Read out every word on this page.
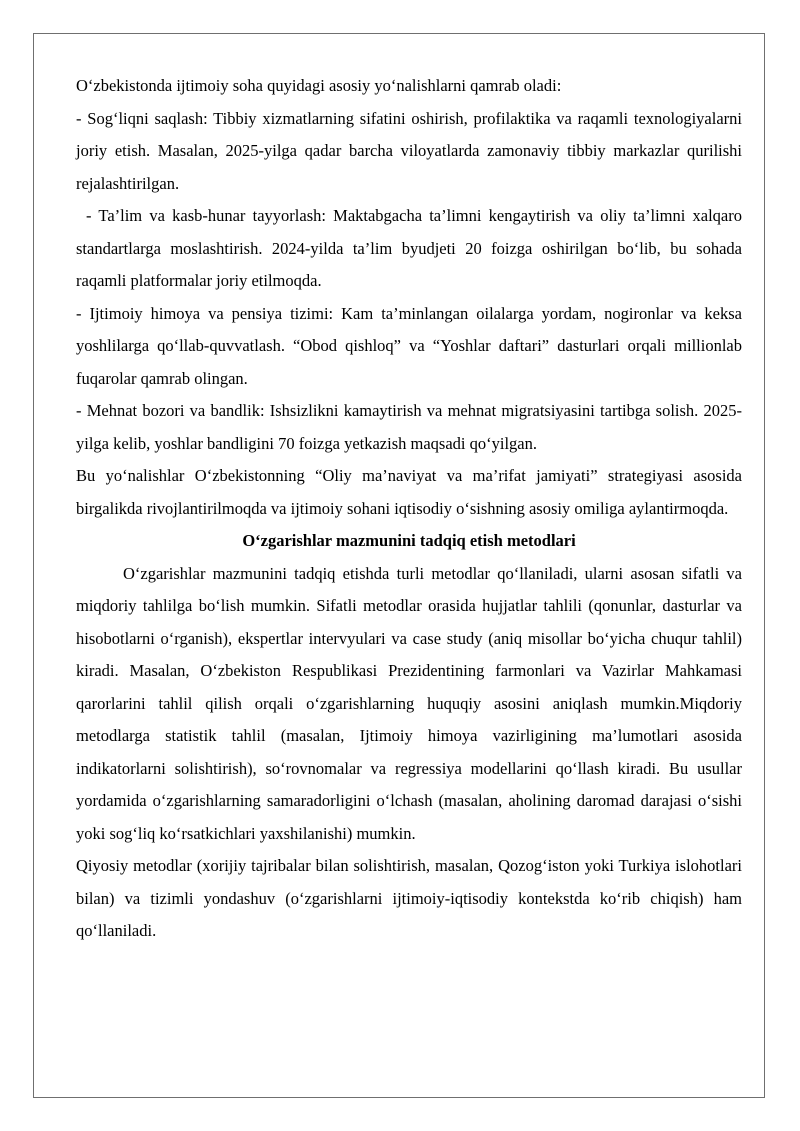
O‘zbekistonda ijtimoiy soha quyidagi asosiy yo‘nalishlarni qamrab oladi:

- Sog‘liqni saqlash: Tibbiy xizmatlarning sifatini oshirish, profilaktika va raqamli texnologiyalarni joriy etish. Masalan, 2025-yilga qadar barcha viloyatlarda zamonaviy tibbiy markazlar qurilishi rejalashtirilgan.

- Ta’lim va kasb-hunar tayyorlash: Maktabgacha ta’limni kengaytirish va oliy ta’limni xalqaro standartlarga moslashtirish. 2024-yilda ta’lim byudjeti 20 foizga oshirilgan bo‘lib, bu sohada raqamli platformalar joriy etilmoqda.

- Ijtimoiy himoya va pensiya tizimi: Kam ta’minlangan oilalarga yordam, nogironlar va keksa yoshlilarga qo‘llab-quvvatlash. “Obod qishloq” va “Yoshlar daftari” dasturlari orqali millionlab fuqarolar qamrab olingan.

- Mehnat bozori va bandlik: Ishsizlikni kamaytirish va mehnat migratsiyasini tartibga solish. 2025-yilga kelib, yoshlar bandligini 70 foizga yetkazish maqsadi qo‘yilgan.

Bu yo‘nalishlar O‘zbekistonning “Oliy ma’naviyat va ma’rifat jamiyati” strategiyasi asosida birgalikda rivojlantirilmoqda va ijtimoiy sohani iqtisodiy o‘sishning asosiy omiliga aylantirmoqda.

O‘zgarishlar mazmunini tadqiq etish metodlari

O‘zgarishlar mazmunini tadqiq etishda turli metodlar qo‘llaniladi, ularni asosan sifatli va miqdoriy tahlilga bo‘lish mumkin. Sifatli metodlar orasida hujjatlar tahlili (qonunlar, dasturlar va hisobotlarni o‘rganish), ekspertlar intervyulari va case study (aniq misollar bo‘yicha chuqur tahlil) kiradi. Masalan, O‘zbekiston Respublikasi Prezidentining farmonlari va Vazirlar Mahkamasi qarorlarini tahlil qilish orqali o‘zgarishlarning huquqiy asosini aniqlash mumkin.Miqdoriy metodlarga statistik tahlil (masalan, Ijtimoiy himoya vazirligining ma’lumotlari asosida indikatorlarni solishtirish), so‘rovnomalar va regressiya modellarini qo‘llash kiradi. Bu usullar yordamida o‘zgarishlarning samaradorligini o‘lchash (masalan, aholining daromad darajasi o‘sishi yoki sog‘liq ko‘rsatkichlari yaxshilanishi) mumkin.

Qiyosiy metodlar (xorijiy tajribalar bilan solishtirish, masalan, Qozog‘iston yoki Turkiya islohotlari bilan) va tizimli yondashuv (o‘zgarishlarni ijtimoiy-iqtisodiy kontekstda ko‘rib chiqish) ham qo‘llaniladi.
